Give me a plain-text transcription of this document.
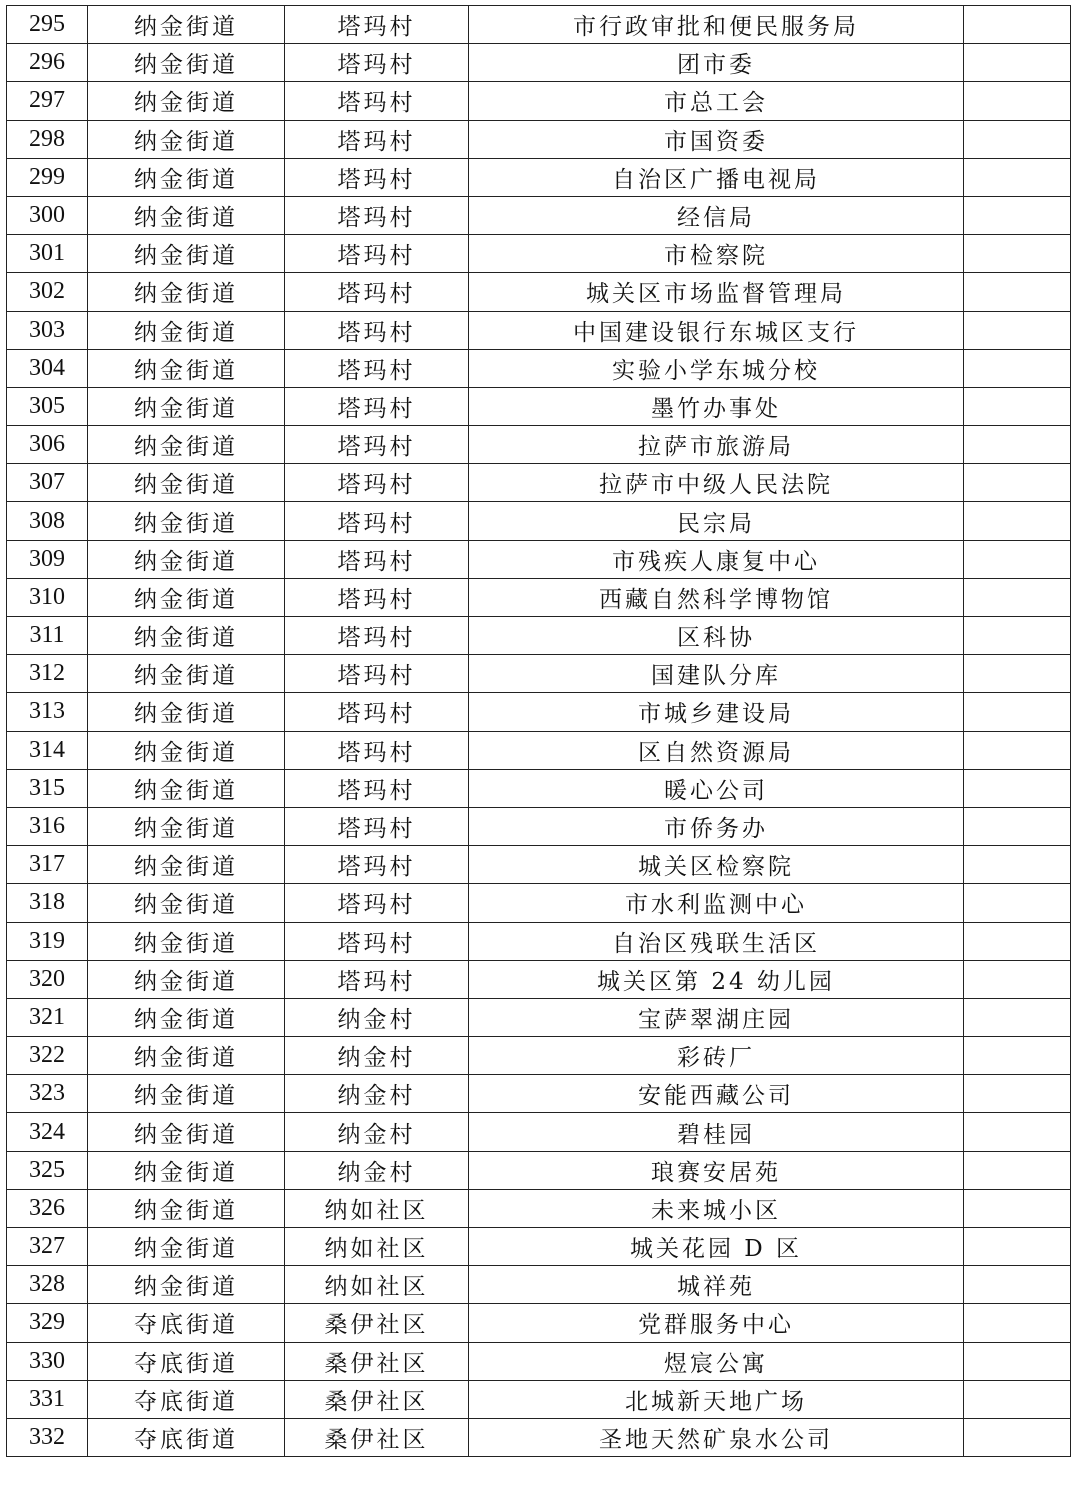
295	纳金街道	塔玛村	市行政审批和便民服务局	
296	纳金街道	塔玛村	团市委	
297	纳金街道	塔玛村	市总工会	
298	纳金街道	塔玛村	市国资委	
299	纳金街道	塔玛村	自治区广播电视局	
300	纳金街道	塔玛村	经信局	
301	纳金街道	塔玛村	市检察院	
302	纳金街道	塔玛村	城关区市场监督管理局	
303	纳金街道	塔玛村	中国建设银行东城区支行	
304	纳金街道	塔玛村	实验小学东城分校	
305	纳金街道	塔玛村	墨竹办事处	
306	纳金街道	塔玛村	拉萨市旅游局	
307	纳金街道	塔玛村	拉萨市中级人民法院	
308	纳金街道	塔玛村	民宗局	
309	纳金街道	塔玛村	市残疾人康复中心	
310	纳金街道	塔玛村	西藏自然科学博物馆	
311	纳金街道	塔玛村	区科协	
312	纳金街道	塔玛村	国建队分库	
313	纳金街道	塔玛村	市城乡建设局	
314	纳金街道	塔玛村	区自然资源局	
315	纳金街道	塔玛村	暖心公司	
316	纳金街道	塔玛村	市侨务办	
317	纳金街道	塔玛村	城关区检察院	
318	纳金街道	塔玛村	市水利监测中心	
319	纳金街道	塔玛村	自治区残联生活区	
320	纳金街道	塔玛村	城关区第 24 幼儿园	
321	纳金街道	纳金村	宝萨翠湖庄园	
322	纳金街道	纳金村	彩砖厂	
323	纳金街道	纳金村	安能西藏公司	
324	纳金街道	纳金村	碧桂园	
325	纳金街道	纳金村	琅赛安居苑	
326	纳金街道	纳如社区	未来城小区	
327	纳金街道	纳如社区	城关花园 D 区	
328	纳金街道	纳如社区	城祥苑	
329	夺底街道	桑伊社区	党群服务中心	
330	夺底街道	桑伊社区	煜宸公寓	
331	夺底街道	桑伊社区	北城新天地广场	
332	夺底街道	桑伊社区	圣地天然矿泉水公司	
